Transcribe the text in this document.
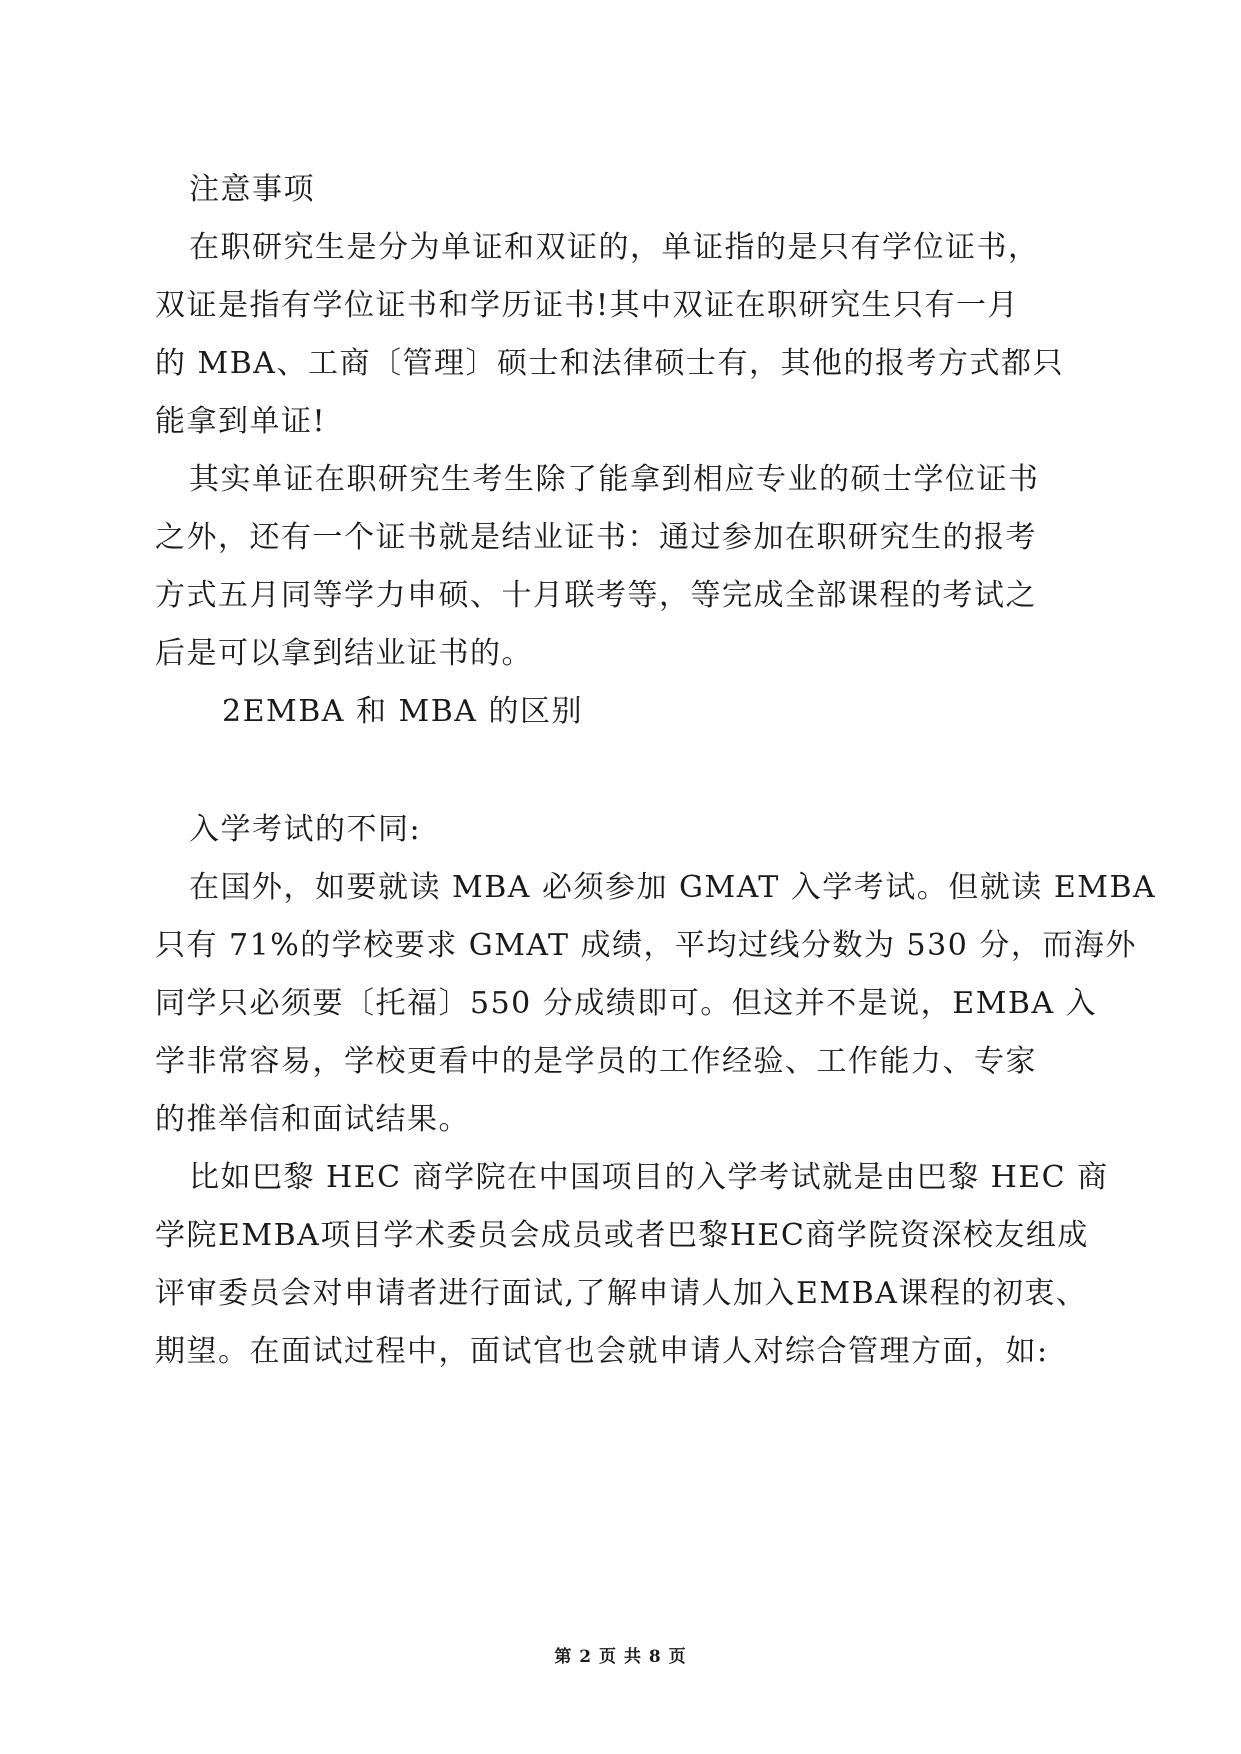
注意事项
在职研究生是分为单证和双证的，单证指的是只有学位证书，
双证是指有学位证书和学历证书!其中双证在职研究生只有一月
的 MBA、工商〔管理〕硕士和法律硕士有，其他的报考方式都只
能拿到单证!
其实单证在职研究生考生除了能拿到相应专业的硕士学位证书
之外，还有一个证书就是结业证书：通过参加在职研究生的报考
方式五月同等学力申硕、十月联考等，等完成全部课程的考试之
后是可以拿到结业证书的。
2EMBA 和 MBA 的区别
入学考试的不同:
在国外，如要就读 MBA 必须参加 GMAT 入学考试。但就读 EMBA
只有 71%的学校要求 GMAT 成绩，平均过线分数为 530 分，而海外
同学只必须要〔托福〕550 分成绩即可。但这并不是说，EMBA 入
学非常容易，学校更看中的是学员的工作经验、工作能力、专家
的推举信和面试结果。
比如巴黎 HEC 商学院在中国项目的入学考试就是由巴黎 HEC 商
学院EMBA项目学术委员会成员或者巴黎HEC商学院资深校友组成
评审委员会对申请者进行面试,了解申请人加入EMBA课程的初衷、
期望。在面试过程中，面试官也会就申请人对综合管理方面，如:
第 2 页 共 8 页
